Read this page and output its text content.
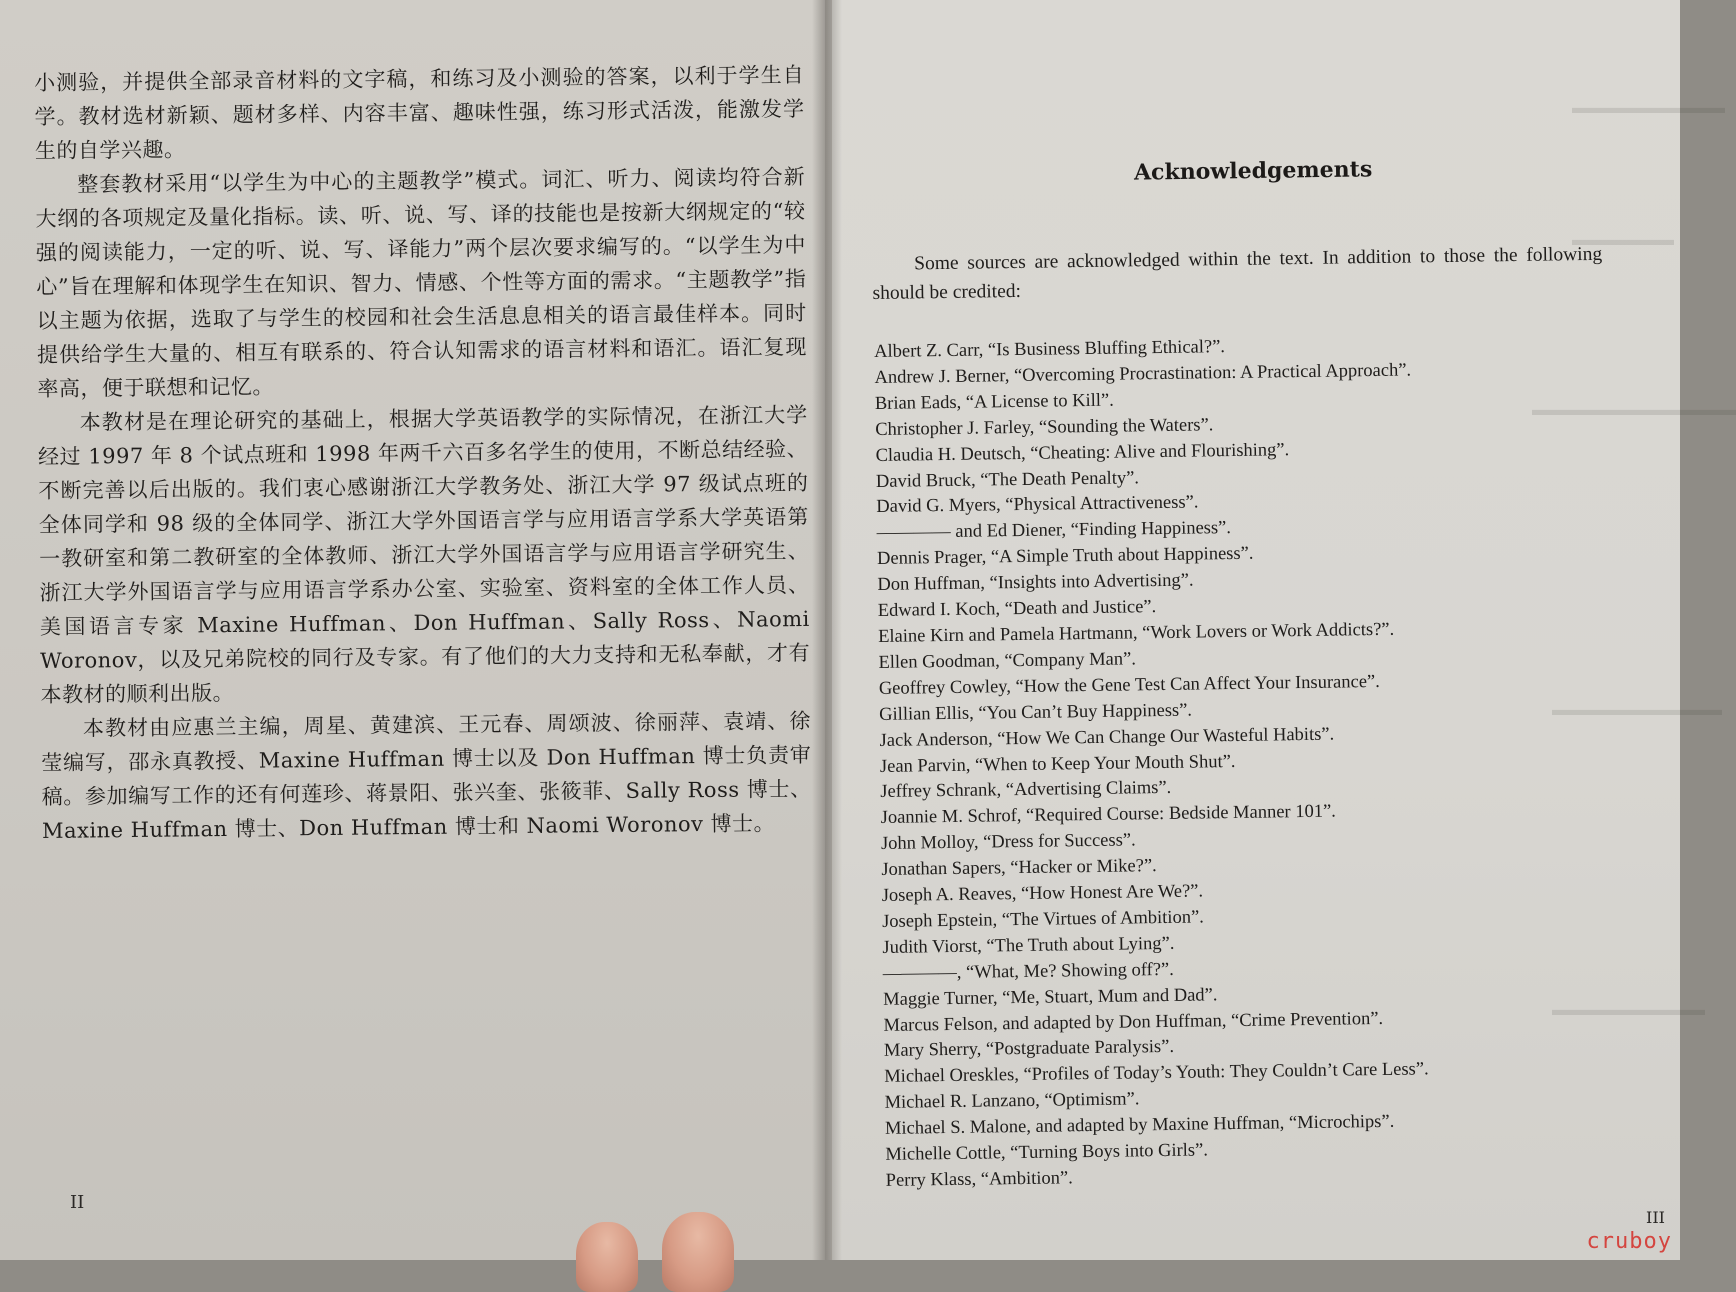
小测验，并提供全部录音材料的文字稿，和练习及小测验的答案，以利于学生自学。教材选材新颖、题材多样、内容丰富、趣味性强，练习形式活泼，能激发学生的自学兴趣。

整套教材采用“以学生为中心的主题教学”模式。词汇、听力、阅读均符合新大纲的各项规定及量化指标。读、听、说、写、译的技能也是按新大纲规定的“较强的阅读能力，一定的听、说、写、译能力”两个层次要求编写的。“以学生为中心”旨在理解和体现学生在知识、智力、情感、个性等方面的需求。“主题教学”指以主题为依据，选取了与学生的校园和社会生活息息相关的语言最佳样本。同时提供给学生大量的、相互有联系的、符合认知需求的语言材料和语汇。语汇复现率高，便于联想和记忆。

本教材是在理论研究的基础上，根据大学英语教学的实际情况，在浙江大学经过 1997 年 8 个试点班和 1998 年两千六百多名学生的使用，不断总结经验、不断完善以后出版的。我们衷心感谢浙江大学教务处、浙江大学 97 级试点班的全体同学和 98 级的全体同学、浙江大学外国语言学与应用语言学系大学英语第一教研室和第二教研室的全体教师、浙江大学外国语言学与应用语言学研究生、浙江大学外国语言学与应用语言学系办公室、实验室、资料室的全体工作人员、美国语言专家 Maxine Huffman、Don Huffman、Sally Ross、Naomi Woronov，以及兄弟院校的同行及专家。有了他们的大力支持和无私奉献，才有本教材的顺利出版。

本教材由应惠兰主编，周星、黄建滨、王元春、周颂波、徐丽萍、袁靖、徐莹编写，邵永真教授、Maxine Huffman 博士以及 Don Huffman 博士负责审稿。参加编写工作的还有何莲珍、蒋景阳、张兴奎、张筱菲、Sally Ross 博士、Maxine Huffman 博士、Don Huffman 博士和 Naomi Woronov 博士。

II
▬▬▬▬▬▬▬▬▬
▬▬▬▬▬▬
▬▬▬▬▬▬▬▬▬▬▬▬
▬▬▬▬▬▬▬▬▬▬
▬▬▬▬▬▬▬▬▬
III
Acknowledgements

Some sources are acknowledged within the text. In addition to those the following should be credited:

Albert Z. Carr, “Is Business Bluffing Ethical?”.
Andrew J. Berner, “Overcoming Procrastination: A Practical Approach”.
Brian Eads, “A License to Kill”.
Christopher J. Farley, “Sounding the Waters”.
Claudia H. Deutsch, “Cheating: Alive and Flourishing”.
David Bruck, “The Death Penalty”.
David G. Myers, “Physical Attractiveness”.
———— and Ed Diener, “Finding Happiness”.
Dennis Prager, “A Simple Truth about Happiness”.
Don Huffman, “Insights into Advertising”.
Edward I. Koch, “Death and Justice”.
Elaine Kirn and Pamela Hartmann, “Work Lovers or Work Addicts?”.
Ellen Goodman, “Company Man”.
Geoffrey Cowley, “How the Gene Test Can Affect Your Insurance”.
Gillian Ellis, “You Can’t Buy Happiness”.
Jack Anderson, “How We Can Change Our Wasteful Habits”.
Jean Parvin, “When to Keep Your Mouth Shut”.
Jeffrey Schrank, “Advertising Claims”.
Joannie M. Schrof, “Required Course: Bedside Manner 101”.
John Molloy, “Dress for Success”.
Jonathan Sapers, “Hacker or Mike?”.
Joseph A. Reaves, “How Honest Are We?”.
Joseph Epstein, “The Virtues of Ambition”.
Judith Viorst, “The Truth about Lying”.
————, “What, Me? Showing off?”.
Maggie Turner, “Me, Stuart, Mum and Dad”.
Marcus Felson, and adapted by Don Huffman, “Crime Prevention”.
Mary Sherry, “Postgraduate Paralysis”.
Michael Oreskles, “Profiles of Today’s Youth: They Couldn’t Care Less”.
Michael R. Lanzano, “Optimism”.
Michael S. Malone, and adapted by Maxine Huffman, “Microchips”.
Michelle Cottle, “Turning Boys into Girls”.
Perry Klass, “Ambition”.
cruboy
